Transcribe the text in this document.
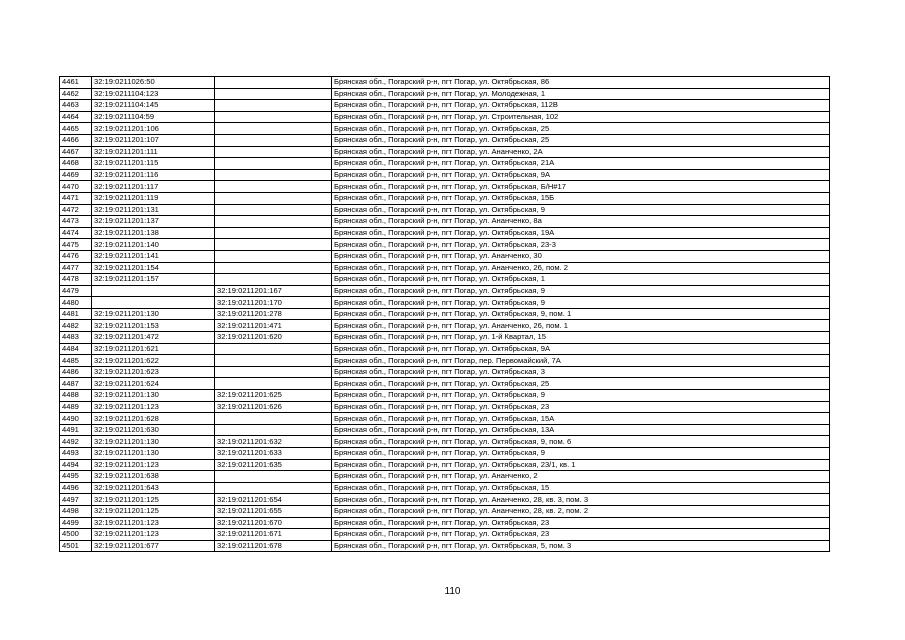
4461	32:19:0211026:50		Брянская обл., Погарский р-н, пгт Погар, ул. Октябрьская, 86
4462	32:19:0211104:123		Брянская обл., Погарский р-н, пгт Погар, ул. Молодежная, 1
4463	32:19:0211104:145		Брянская обл., Погарский р-н, пгт Погар, ул. Октябрьская, 112В
4464	32:19:0211104:59		Брянская обл., Погарский р-н, пгт Погар, ул. Строительная, 102
4465	32:19:0211201:106		Брянская обл., Погарский р-н, пгт Погар, ул. Октябрьская, 25
4466	32:19:0211201:107		Брянская обл., Погарский р-н, пгт Погар, ул. Октябрьская, 25
4467	32:19:0211201:111		Брянская обл., Погарский р-н, пгт Погар, ул. Ананченко, 2А
4468	32:19:0211201:115		Брянская обл., Погарский р-н, пгт Погар, ул. Октябрьская, 21А
4469	32:19:0211201:116		Брянская обл., Погарский р-н, пгт Погар, ул. Октябрьская, 9А
4470	32:19:0211201:117		Брянская обл., Погарский р-н, пгт Погар, ул. Октябрьская, Б/Н#17
4471	32:19:0211201:119		Брянская обл., Погарский р-н, пгт Погар, ул. Октябрьская, 15Б
4472	32:19:0211201:131		Брянская обл., Погарский р-н, пгт Погар, ул. Октябрьская, 9
4473	32:19:0211201:137		Брянская обл., Погарский р-н, пгт Погар, ул. Ананченко, 8а
4474	32:19:0211201:138		Брянская обл., Погарский р-н, пгт Погар, ул. Октябрьская, 19А
4475	32:19:0211201:140		Брянская обл., Погарский р-н, пгт Погар, ул. Октябрьская, 23-3
4476	32:19:0211201:141		Брянская обл., Погарский р-н, пгт Погар, ул. Ананченко, 30
4477	32:19:0211201:154		Брянская обл., Погарский р-н, пгт Погар, ул. Ананченко, 26, пом. 2
4478	32:19:0211201:157		Брянская обл., Погарский р-н, пгт Погар, ул. Октябрьская, 1
4479		32:19:0211201:167	Брянская обл., Погарский р-н, пгт Погар, ул. Октябрьская, 9
4480		32:19:0211201:170	Брянская обл., Погарский р-н, пгт Погар, ул. Октябрьская, 9
4481	32:19:0211201:130	32:19:0211201:278	Брянская обл., Погарский р-н, пгт Погар, ул. Октябрьская, 9, пом. 1
4482	32:19:0211201:153	32:19:0211201:471	Брянская обл., Погарский р-н, пгт Погар, ул. Ананченко, 26, пом. 1
4483	32:19:0211201:472	32:19:0211201:620	Брянская обл., Погарский р-н, пгт Погар, ул. 1-й Квартал, 15
4484	32:19:0211201:621		Брянская обл., Погарский р-н, пгт Погар, ул. Октябрьская, 9А
4485	32:19:0211201:622		Брянская обл., Погарский р-н, пгт Погар, пер. Первомайский, 7А
4486	32:19:0211201:623		Брянская обл., Погарский р-н, пгт Погар, ул. Октябрьская, 3
4487	32:19:0211201:624		Брянская обл., Погарский р-н, пгт Погар, ул. Октябрьская, 25
4488	32:19:0211201:130	32:19:0211201:625	Брянская обл., Погарский р-н, пгт Погар, ул. Октябрьская, 9
4489	32:19:0211201:123	32:19:0211201:626	Брянская обл., Погарский р-н, пгт Погар, ул. Октябрьская, 23
4490	32:19:0211201:628		Брянская обл., Погарский р-н, пгт Погар, ул. Октябрьская, 15А
4491	32:19:0211201:630		Брянская обл., Погарский р-н, пгт Погар, ул. Октябрьская, 13А
4492	32:19:0211201:130	32:19:0211201:632	Брянская обл., Погарский р-н, пгт Погар, ул. Октябрьская, 9, пом. 6
4493	32:19:0211201:130	32:19:0211201:633	Брянская обл., Погарский р-н, пгт Погар, ул. Октябрьская, 9
4494	32:19:0211201:123	32:19:0211201:635	Брянская обл., Погарский р-н, пгт Погар, ул. Октябрьская, 23/1, кв. 1
4495	32:19:0211201:638		Брянская обл., Погарский р-н, пгт Погар, ул. Ананченко, 2
4496	32:19:0211201:643		Брянская обл., Погарский р-н, пгт Погар, ул. Октябрьская, 15
4497	32:19:0211201:125	32:19:0211201:654	Брянская обл., Погарский р-н, пгт Погар, ул. Ананченко, 28, кв. 3, пом. 3
4498	32:19:0211201:125	32:19:0211201:655	Брянская обл., Погарский р-н, пгт Погар, ул. Ананченко, 28, кв. 2, пом. 2
4499	32:19:0211201:123	32:19:0211201:670	Брянская обл., Погарский р-н, пгт Погар, ул. Октябрьская, 23
4500	32:19:0211201:123	32:19:0211201:671	Брянская обл., Погарский р-н, пгт Погар, ул. Октябрьская, 23
4501	32:19:0211201:677	32:19:0211201:678	Брянская обл., Погарский р-н, пгт Погар, ул. Октябрьская, 5, пом. 3
110
